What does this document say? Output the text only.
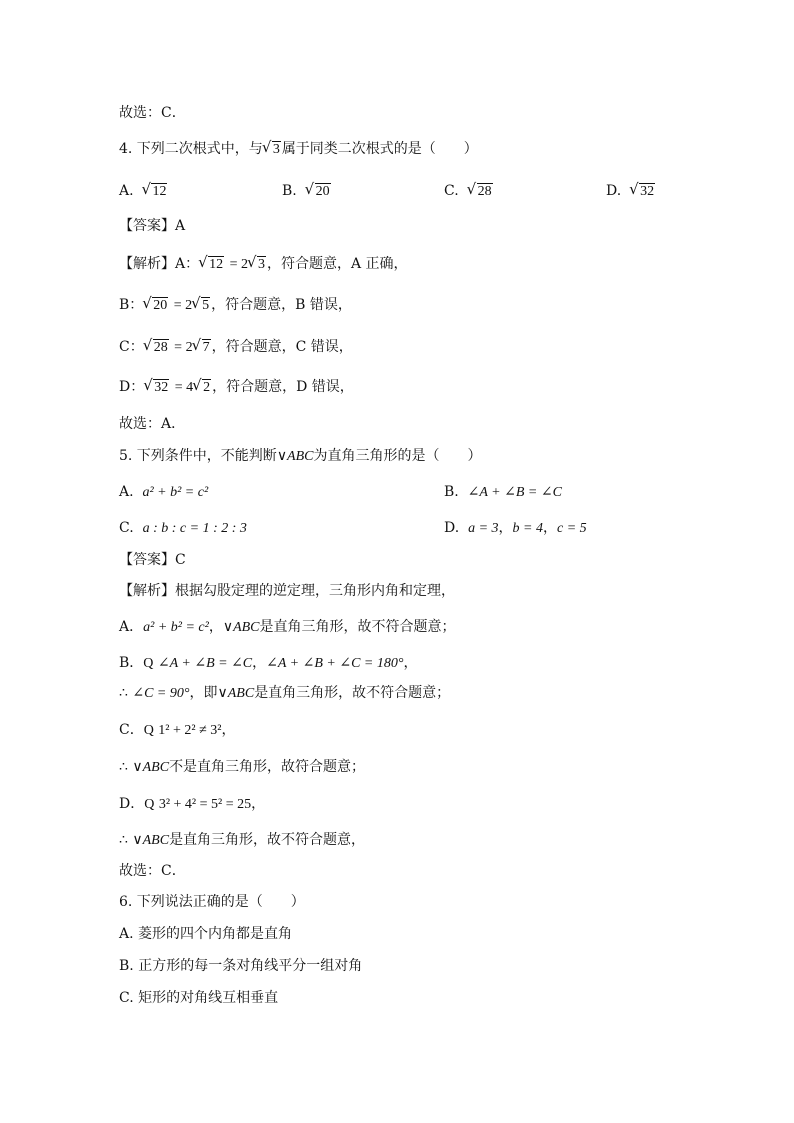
故选：C．
4. 下列二次根式中，与 √ 3 属于同类二次根式的是（　　）
A. √ 12	B. √ 20	C. √ 28	D. √ 32
【答案】A
【解析】A： √ 12 = 2 √ 3 ，符合题意，A 正确，
B： √ 20 = 2 √ 5 ，符合题意，B 错误，
C： √ 28 = 2 √ 7 ，符合题意，C 错误，
D： √ 32 = 4 √ 2 ，符合题意，D 错误，
故选：A．
5. 下列条件中，不能判断∨ABC为直角三角形的是（　　）
A. a² + b² = c²	B. ∠A + ∠B = ∠C
C. a : b : c = 1 : 2 : 3	D. a = 3，b = 4，c = 5
【答案】C
【解析】根据勾股定理的逆定理，三角形内角和定理，
A．a² + b² = c²，∨ABC是直角三角形，故不符合题意；
B．Q ∠A + ∠B = ∠C，∠A + ∠B + ∠C = 180°，
∴ ∠C = 90°，即∨ABC是直角三角形，故不符合题意；
C．Q 1² + 2² ≠ 3²，
∴ ∨ABC不是直角三角形，故符合题意；
D．Q 3² + 4² = 5² = 25，
∴ ∨ABC是直角三角形，故不符合题意，
故选：C．
6. 下列说法正确的是（　　）
A. 菱形的四个内角都是直角
B. 正方形的每一条对角线平分一组对角
C. 矩形的对角线互相垂直
